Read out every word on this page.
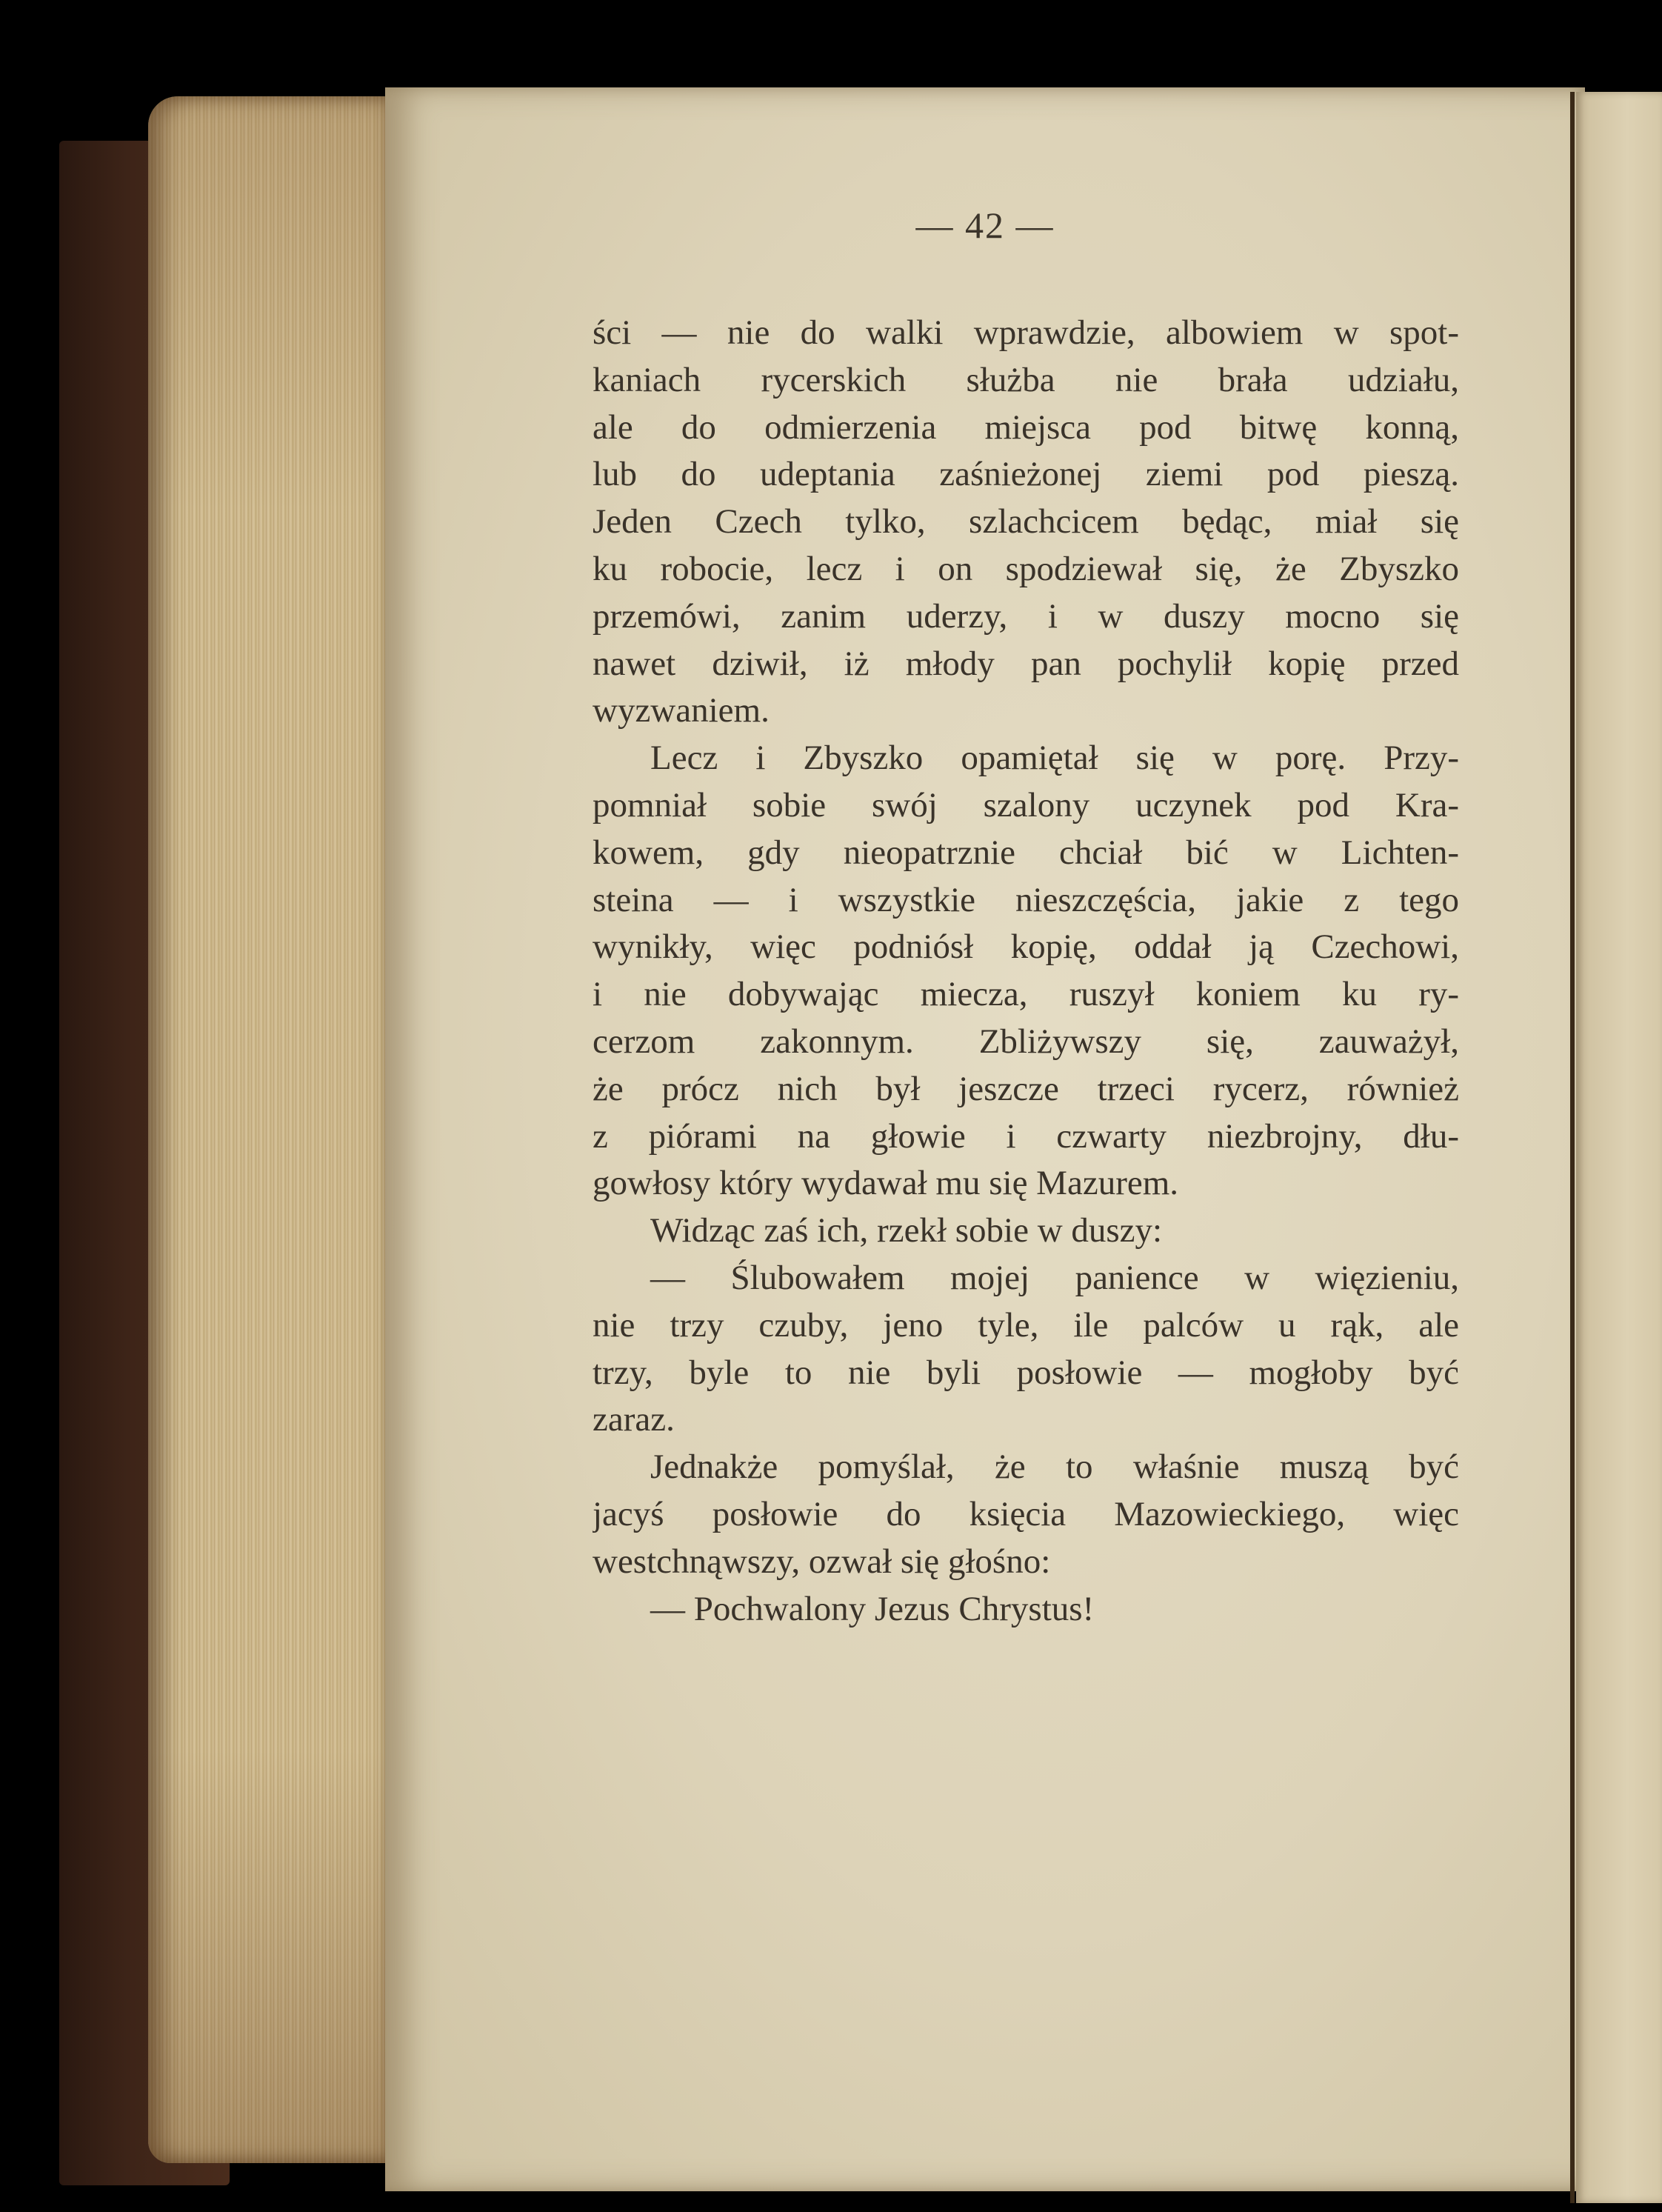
— 42 —
ści — nie do walki wprawdzie, albowiem w spot-
kaniach rycerskich służba nie brała udziału,
ale do odmierzenia miejsca pod bitwę konną,
lub do udeptania zaśnieżonej ziemi pod pieszą.
Jeden Czech tylko, szlachcicem będąc, miał się
ku robocie, lecz i on spodziewał się, że Zbyszko
przemówi, zanim uderzy, i w duszy mocno się
nawet dziwił, iż młody pan pochylił kopię przed
wyzwaniem.
Lecz i Zbyszko opamiętał się w porę. Przy-
pomniał sobie swój szalony uczynek pod Kra-
kowem, gdy nieopatrznie chciał bić w Lichten-
steina — i wszystkie nieszczęścia, jakie z tego
wynikły, więc podniósł kopię, oddał ją Czechowi,
i nie dobywając miecza, ruszył koniem ku ry-
cerzom zakonnym. Zbliżywszy się, zauważył,
że prócz nich był jeszcze trzeci rycerz, również
z piórami na głowie i czwarty niezbrojny, dłu-
gowłosy który wydawał mu się Mazurem.
Widząc zaś ich, rzekł sobie w duszy:
— Ślubowałem mojej panience w więzieniu,
nie trzy czuby, jeno tyle, ile palców u rąk, ale
trzy, byle to nie byli posłowie — mogłoby być
zaraz.
Jednakże pomyślał, że to właśnie muszą być
jacyś posłowie do księcia Mazowieckiego, więc
westchnąwszy, ozwał się głośno:
— Pochwalony Jezus Chrystus!
